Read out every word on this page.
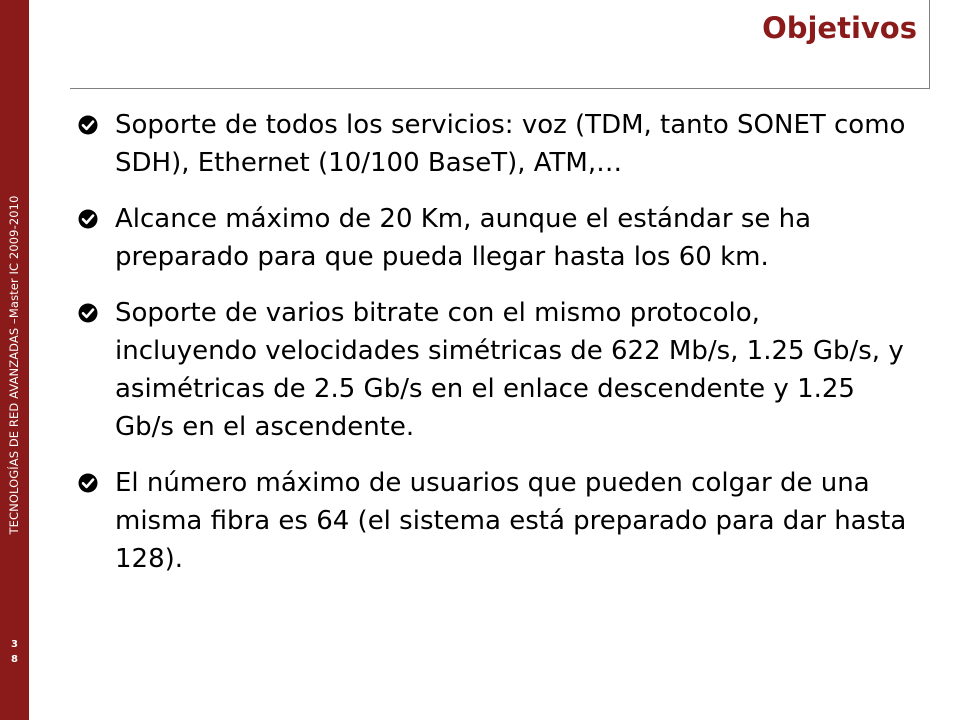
TECNOLOGÍAS DE RED AVANZADAS –Master IC 2009-2010
3
8
Objetivos
Soporte de todos los servicios: voz (TDM, tanto SONET como SDH), Ethernet (10/100 BaseT), ATM,…
Alcance máximo de 20 Km, aunque el estándar se ha preparado para que pueda llegar hasta los 60 km.
Soporte de varios bitrate con el mismo protocolo, incluyendo velocidades simétricas de 622 Mb/s, 1.25 Gb/s, y asimétricas de 2.5 Gb/s en el enlace descendente y 1.25 Gb/s en el ascendente.
El número máximo de usuarios que pueden colgar de una misma fibra es 64 (el sistema está preparado para dar hasta 128).
